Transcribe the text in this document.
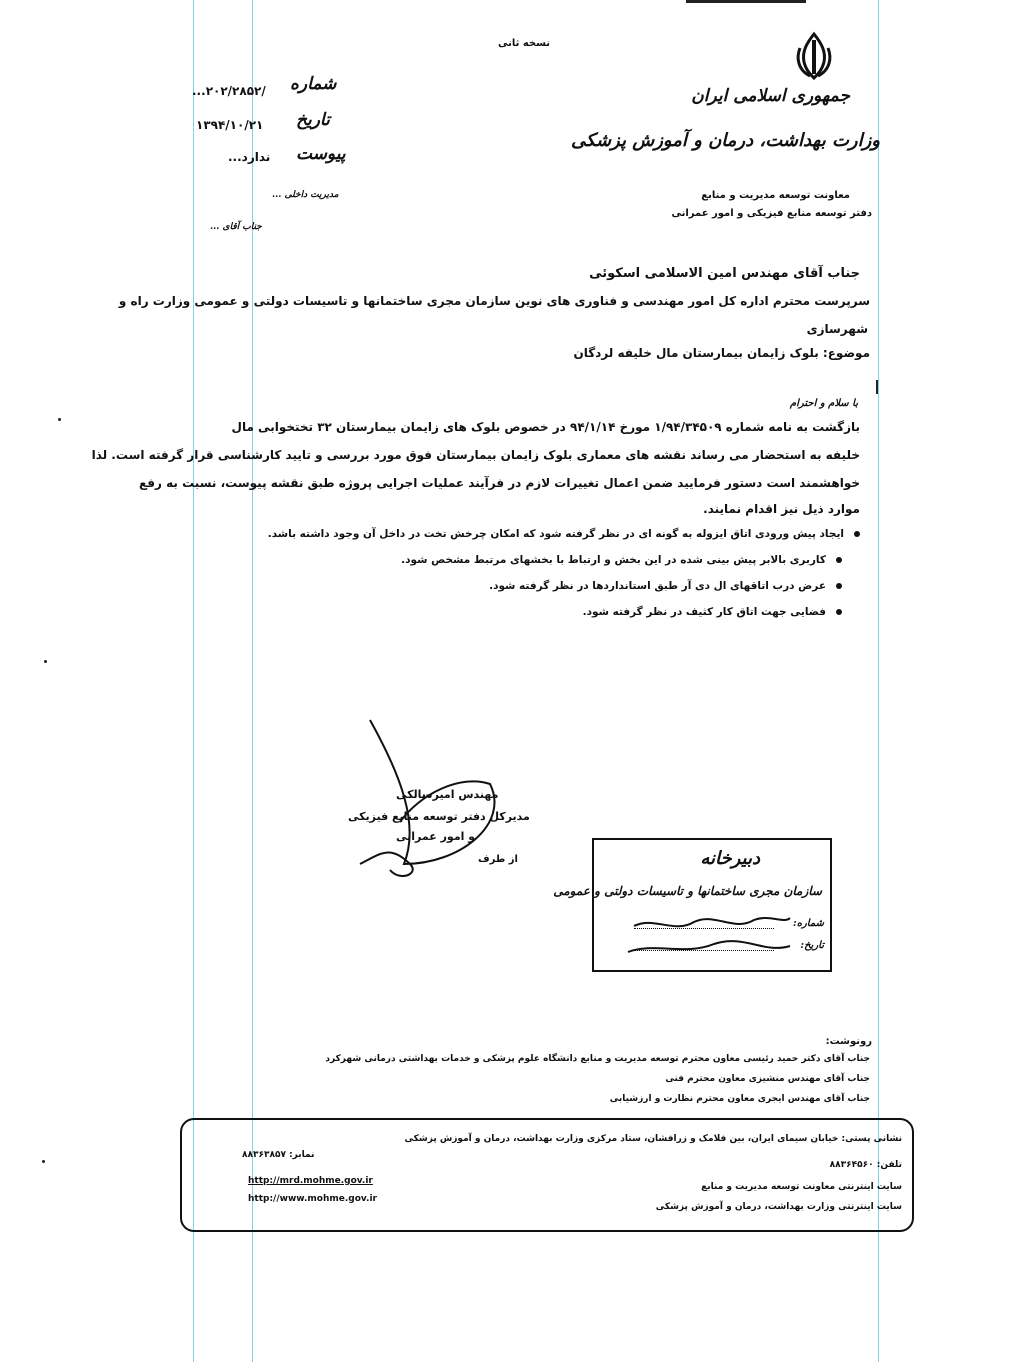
نسخه ثانی
جمهوری اسلامی ایران
وزارت بهداشت، درمان و آموزش پزشکی
شماره
تاریخ
پیوست
/۲۰۲/۲۸۵۲...
۱۳۹۴/۱۰/۲۱
ندارد...
مدیریت داخلی ...
جناب آقای ...
معاونت توسعه مدیریت و منابع
دفتر توسعه منابع فیزیکی و امور عمرانی
جناب آقای مهندس امین الاسلامی اسکوئی
سرپرست محترم اداره کل امور مهندسی و فناوری های نوین سازمان مجری ساختمانها و تاسیسات دولتی و عمومی وزارت راه و
شهرسازی
موضوع: بلوک زایمان بیمارستان مال خلیفه لردگان
با سلام و احترام
بازگشت به نامه شماره ۱/۹۴/۳۴۵۰۹ مورخ ۹۴/۱/۱۴ در خصوص بلوک های زایمان بیمارستان ۳۲ تختخوابی مال
خلیفه به استحضار می رساند نقشه های معماری بلوک زایمان بیمارستان فوق مورد بررسی و تایید کارشناسی قرار گرفته است. لذا
خواهشمند است دستور فرمایید ضمن اعمال تغییرات لازم در فرآیند عملیات اجرایی پروژه طبق نقشه پیوست، نسبت به رفع
موارد ذیل نیز اقدام نمایند.
ایجاد پیش ورودی اتاق ایزوله به گونه ای در نظر گرفته شود که امکان چرخش تخت در داخل آن وجود داشته باشد.
کاربری بالابر پیش بینی شده در این بخش و ارتباط با بخشهای مرتبط مشخص شود.
عرض درب اتاقهای ال دی آر طبق استانداردها در نظر گرفته شود.
فضایی جهت اتاق کار کثیف در نظر گرفته شود.
مهندس امیرسالکی
مدیرکل دفتر توسعه منابع فیزیکی
و امور عمرانی
از طرف	دبیرخانه
سازمان مجری ساختمانها و تاسیسات دولتی و عمومی
شماره:
تاریخ:
رونوشت:
جناب آقای دکتر حمید رئیسی معاون محترم توسعه مدیریت و منابع دانشگاه علوم پزشکی و خدمات بهداشتی درمانی شهرکرد
جناب آقای مهندس منشیزی معاون محترم فنی
جناب آقای مهندس ایجری معاون محترم نظارت و ارزشیابی
نشانی پستی: خیابان سیمای ایران، بین فلامک و زرافشان، ستاد مرکزی وزارت بهداشت، درمان و آموزش پزشکی
تلفن: ۸۸۳۶۴۵۶۰
سایت اینترنتی معاونت توسعه مدیریت و منابع
سایت اینترنتی وزارت بهداشت، درمان و آموزش پزشکی
نمابر: ۸۸۳۶۳۸۵۷
http://mrd.mohme.gov.ir
http://www.mohme.gov.ir
